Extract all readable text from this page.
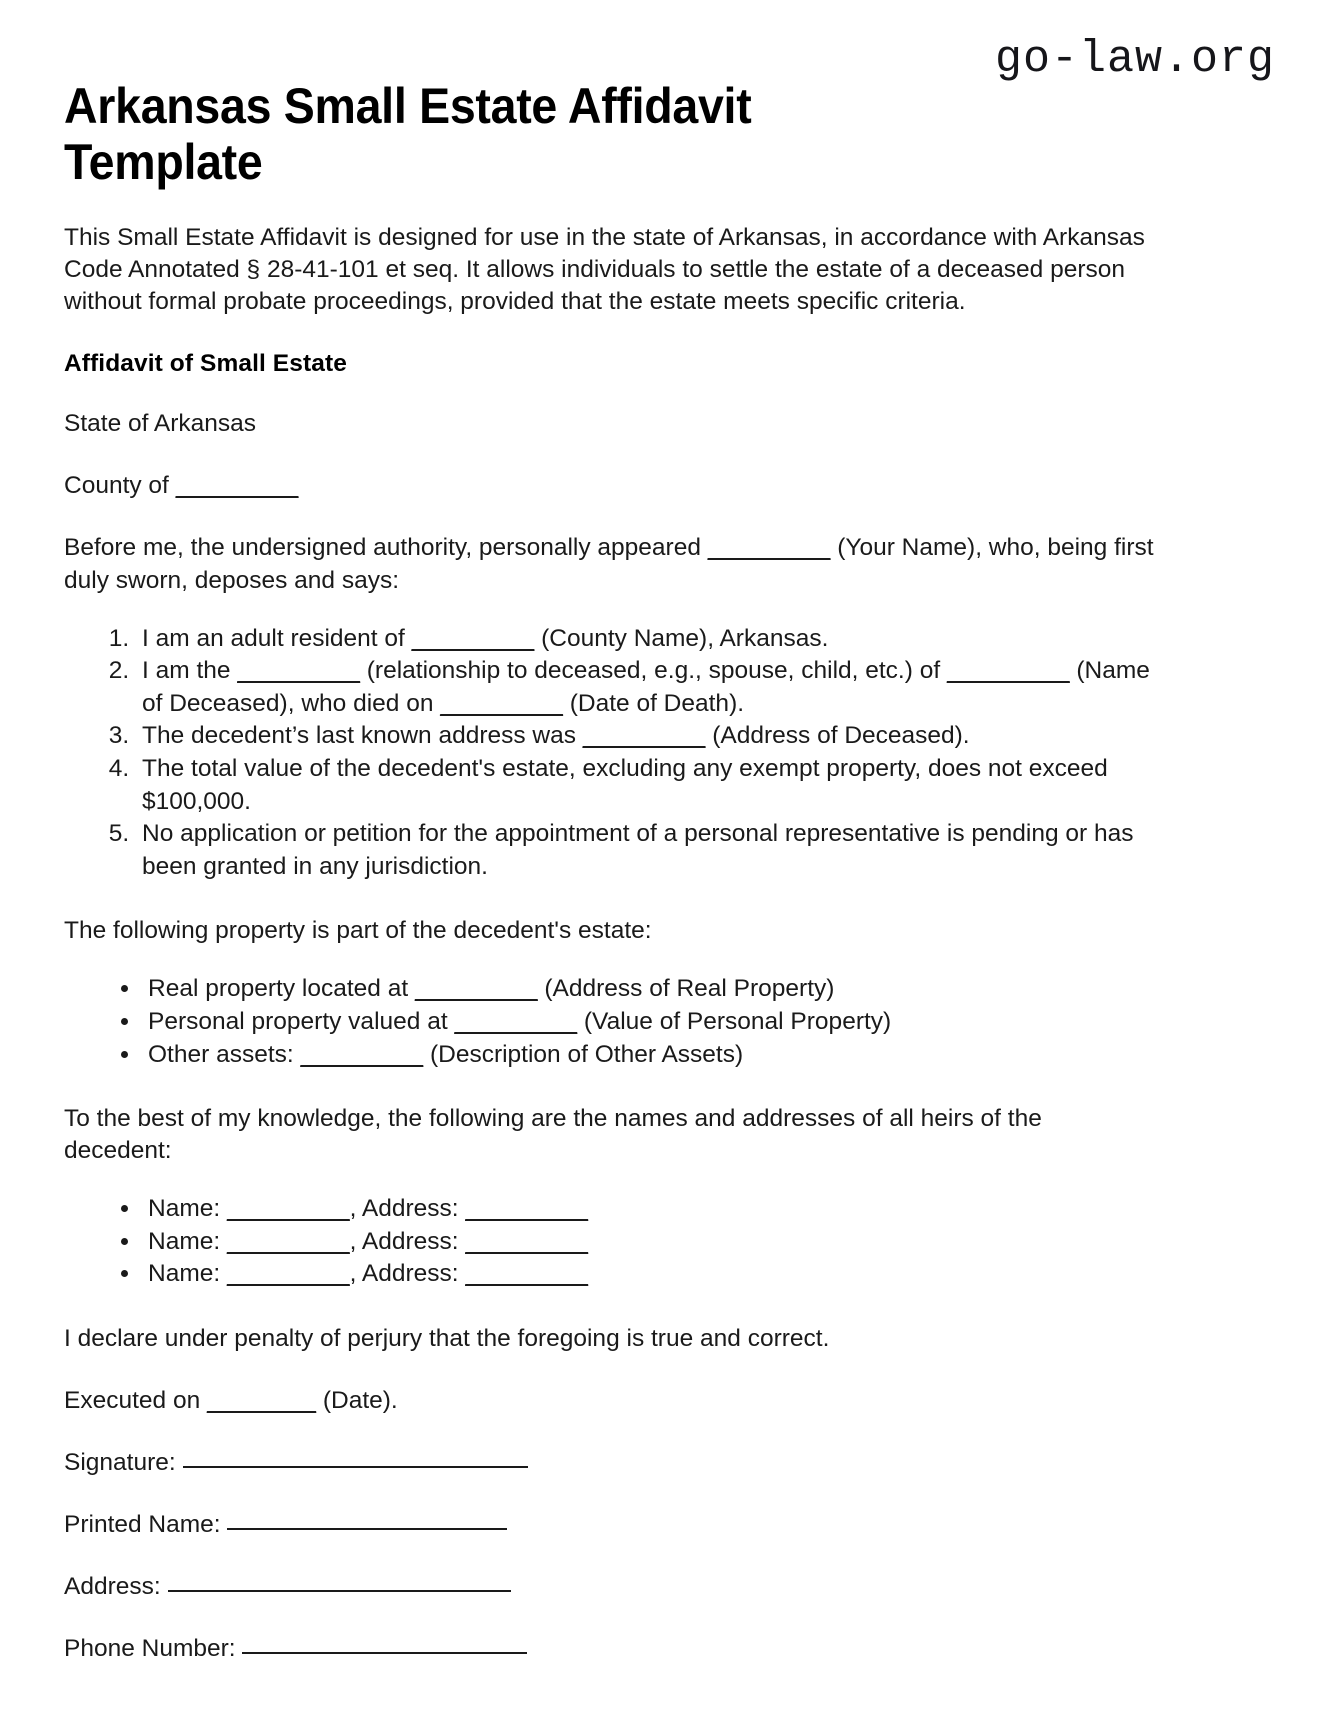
go-law.org
Arkansas Small Estate Affidavit Template

This Small Estate Affidavit is designed for use in the state of Arkansas, in accordance with Arkansas Code Annotated § 28-41-101 et seq. It allows individuals to settle the estate of a deceased person without formal probate proceedings, provided that the estate meets specific criteria.

Affidavit of Small Estate

State of Arkansas

County of _________

Before me, the undersigned authority, personally appeared _________ (Your Name), who, being first duly sworn, deposes and says:

1. I am an adult resident of _________ (County Name), Arkansas.
2. I am the _________ (relationship to deceased, e.g., spouse, child, etc.) of _________ (Name of Deceased), who died on _________ (Date of Death).
3. The decedent’s last known address was _________ (Address of Deceased).
4. The total value of the decedent's estate, excluding any exempt property, does not exceed $100,000.
5. No application or petition for the appointment of a personal representative is pending or has been granted in any jurisdiction.

The following property is part of the decedent's estate:

• Real property located at _________ (Address of Real Property)
• Personal property valued at _________ (Value of Personal Property)
• Other assets: _________ (Description of Other Assets)

To the best of my knowledge, the following are the names and addresses of all heirs of the decedent:

• Name: _________, Address: _________
• Name: _________, Address: _________
• Name: _________, Address: _________

I declare under penalty of perjury that the foregoing is true and correct.

Executed on ________ (Date).

Signature:

Printed Name:

Address:

Phone Number:
